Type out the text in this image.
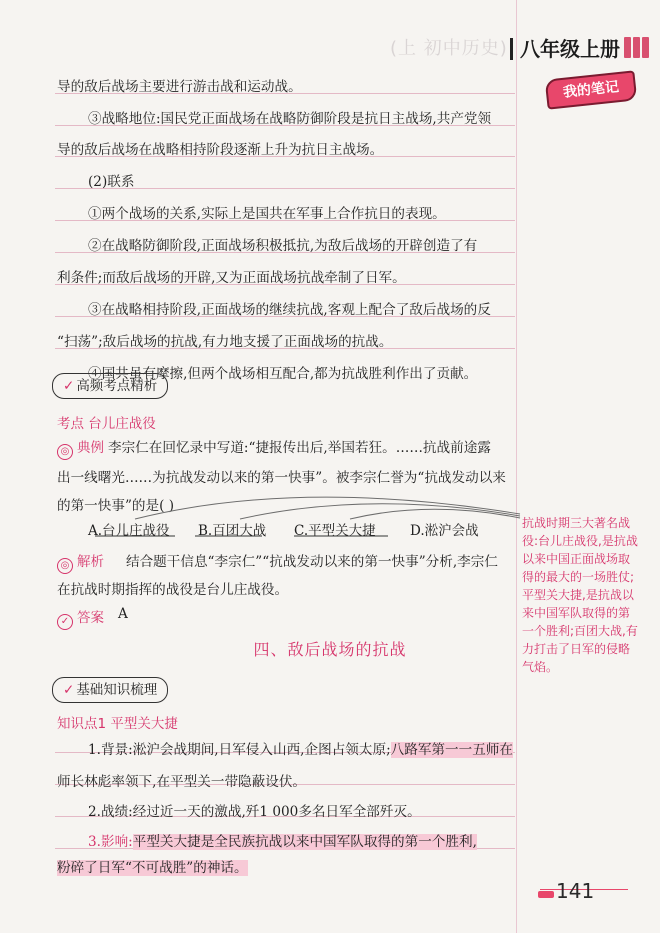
(上 初中历史) 八年级上册
我的笔记
导的敌后战场主要进行游击战和运动战。
③战略地位:国民党正面战场在战略防御阶段是抗日主战场,共产党领
导的敌后战场在战略相持阶段逐渐上升为抗日主战场。
(2)联系
①两个战场的关系,实际上是国共在军事上合作抗日的表现。
②在战略防御阶段,正面战场积极抵抗,为敌后战场的开辟创造了有
利条件;而敌后战场的开辟,又为正面战场抗战牵制了日军。
③在战略相持阶段,正面战场的继续抗战,客观上配合了敌后战场的反
“扫荡”;敌后战场的抗战,有力地支援了正面战场的抗战。
④国共虽有摩擦,但两个战场相互配合,都为抗战胜利作出了贡献。
✓ 高频考点精析
考点 台儿庄战役
◎ 典例 李宗仁在回忆录中写道:“捷报传出后,举国若狂。……抗战前途露
出一线曙光……为抗战发动以来的第一快事”。被李宗仁誉为“抗战发动以来
的第一快事”的是( )
A.台儿庄战役 B.百团大战 C.平型关大捷	D.淞沪会战
◎ 解析 结合题干信息“李宗仁”“抗战发动以来的第一快事”分析,李宗仁
在抗战时期指挥的战役是台儿庄战役。
✓ 答案 A
四、敌后战场的抗战
✓ 基础知识梳理
知识点1 平型关大捷
1.背景:淞沪会战期间,日军侵入山西,企图占领太原;八路军第一一五师在
师长林彪率领下,在平型关一带隐蔽设伏。
2.战绩:经过近一天的激战,歼1 000多名日军全部歼灭。
3.影响:平型关大捷是全民族抗战以来中国军队取得的第一个胜利,
粉碎了日军“不可战胜”的神话。
抗战时期三大著名战役:台儿庄战役,是抗战以来中国正面战场取得的最大的一场胜仗;平型关大捷,是抗战以来中国军队取得的第一个胜利;百团大战,有力打击了日军的侵略气焰。
141
